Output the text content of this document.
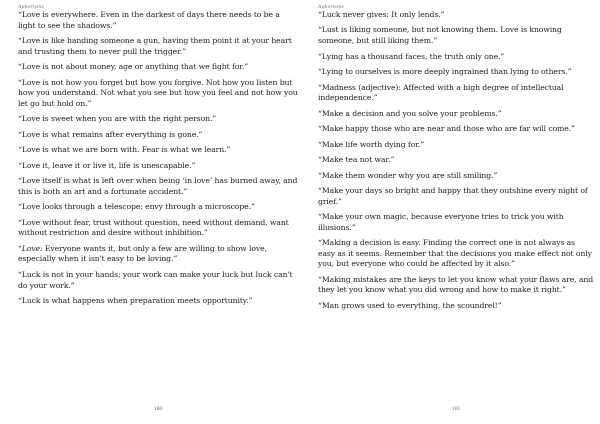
Aphorisms

“Love is everywhere. Even in the darkest of days there needs to be a light to see the shadows.”

“Love is like handing someone a gun, having them point it at your heart and trusting them to never pull the trigger.”

“Love is not about money, age or anything that we fight for.”

“Love is not how you forget but how you forgive. Not how you listen but how you understand. Not what you see but how you feel and not how you let go but hold on.”

“Love is sweet when you are with the right person.”

“Love is what remains after everything is gone.”

“Love is what we are born with. Fear is what we learn.”

“Love it, leave it or live it, life is unescapable.”

“Love itself is what is left over when being ‘in love’ has burned away, and this is both an art and a fortunate accident.”

“Love looks through a telescope; envy through a microscope.”

“Love without fear, trust without question, need without demand, want without restriction and desire without inhibition.”

“Love: Everyone wants it, but only a few are willing to show love, especially when it isn't easy to be loving.”

“Luck is not in your hands; your work can make your luck but luck can't do your work.”

“Luck is what happens when preparation meets opportunity.”

160
Aphorisms

“Luck never gives: It only lends.”

“Lust is liking someone, but not knowing them. Love is knowing someone, but still liking them.”

“Lying has a thousand faces, the truth only one.”

“Lying to ourselves is more deeply ingrained than lying to others.”

“Madness (adjective): Affected with a high degree of intellectual independence.”

“Make a decision and you solve your problems.”

“Make happy those who are near and those who are far will come.”

“Make life worth dying for.”

“Make tea not war.”

“Make them wonder why you are still smiling.”

“Make your days so bright and happy that they outshine every night of grief.”

“Make your own magic, because everyone tries to trick you with illusions.”

“Making a decision is easy. Finding the correct one is not always as easy as it seems. Remember that the decisions you make effect not only you, but everyone who could be affected by it also.”

“Making mistakes are the keys to let you know what your flaws are, and they let you know what you did wrong and how to make it right.”

“Man grows used to everything, the scoundrel!”

161
